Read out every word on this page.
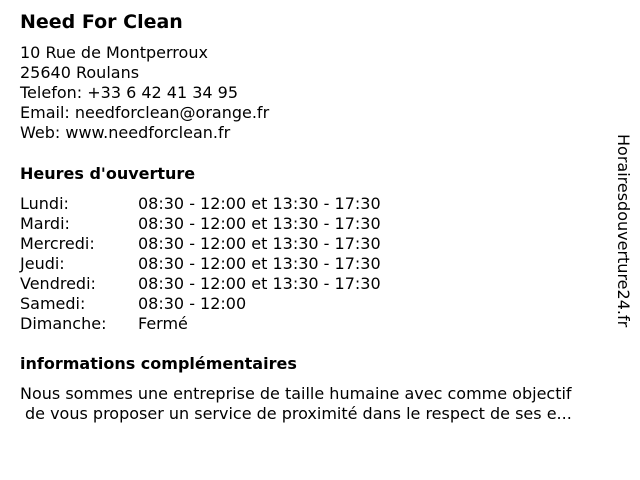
Need For Clean
10 Rue de Montperroux
25640 Roulans
Telefon: +33 6 42 41 34 95
Email: needforclean@orange.fr
Web: www.needforclean.fr
Heures d'ouverture
Lundi:	08:30 - 12:00 et 13:30 - 17:30
Mardi:	08:30 - 12:00 et 13:30 - 17:30
Mercredi:	08:30 - 12:00 et 13:30 - 17:30
Jeudi:	08:30 - 12:00 et 13:30 - 17:30
Vendredi:	08:30 - 12:00 et 13:30 - 17:30
Samedi:	08:30 - 12:00
Dimanche: Fermé
informations complémentaires
Nous sommes une entreprise de taille humaine avec comme objectif
de vous proposer un service de proximité dans le respect de ses e...
Horairesdouverture24.fr
